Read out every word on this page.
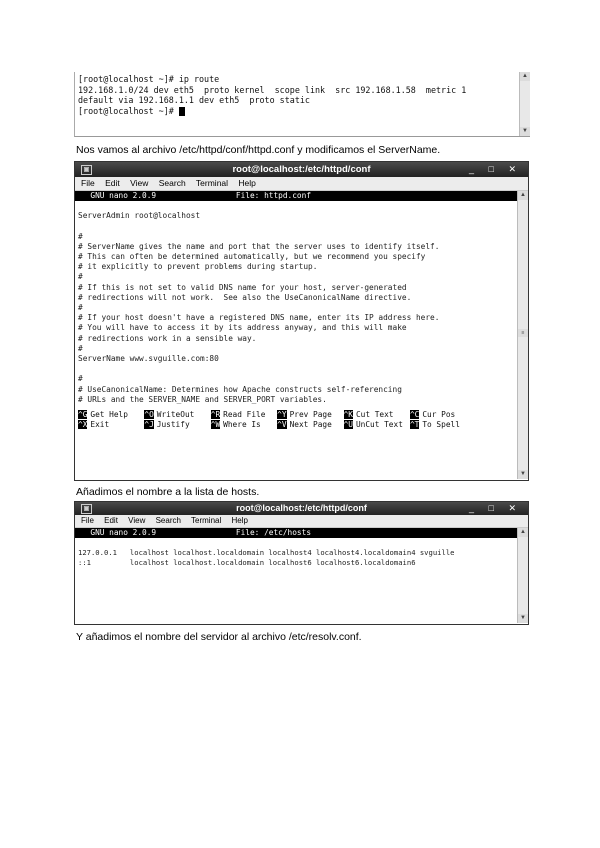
[root@localhost ~]# ip route
192.168.1.0/24 dev eth5  proto kernel  scope link  src 192.168.1.58  metric 1
default via 192.168.1.1 dev eth5  proto static
[root@localhost ~]#
▲
▼
Nos vamos al archivo /etc/httpd/conf/httpd.conf y modificamos el ServerName.
▣	root@localhost:/etc/httpd/conf	_ □ ✕
File Edit View Search Terminal Help
GNU nano 2.0.9                 File: httpd.conf
ServerAdmin root@localhost
#
# ServerName gives the name and port that the server uses to identify itself.
# This can often be determined automatically, but we recommend you specify
# it explicitly to prevent problems during startup.
#
# If this is not set to valid DNS name for your host, server-generated
# redirections will not work.  See also the UseCanonicalName directive.
#
# If your host doesn't have a registered DNS name, enter its IP address here.
# You will have to access it by its address anyway, and this will make
# redirections work in a sensible way.
#
ServerName www.svguille.com:80
#
# UseCanonicalName: Determines how Apache constructs self-referencing
# URLs and the SERVER_NAME and SERVER_PORT variables.
^G Get Help ^O WriteOut ^R Read File ^Y Prev Page ^K Cut Text ^C Cur Pos
^X Exit	^J Justify	^W Where Is ^V Next Page ^U UnCut Text ^T To Spell
▲
≡
▼
Añadimos el nombre a la lista de hosts.
▣	root@localhost:/etc/httpd/conf	_ □ ✕
File Edit View Search Terminal Help
GNU nano 2.0.9                 File: /etc/hosts
127.0.0.1   localhost localhost.localdomain localhost4 localhost4.localdomain4 svguille
::1         localhost localhost.localdomain localhost6 localhost6.localdomain6
▲
▼
Y añadimos el nombre del servidor al archivo /etc/resolv.conf.
